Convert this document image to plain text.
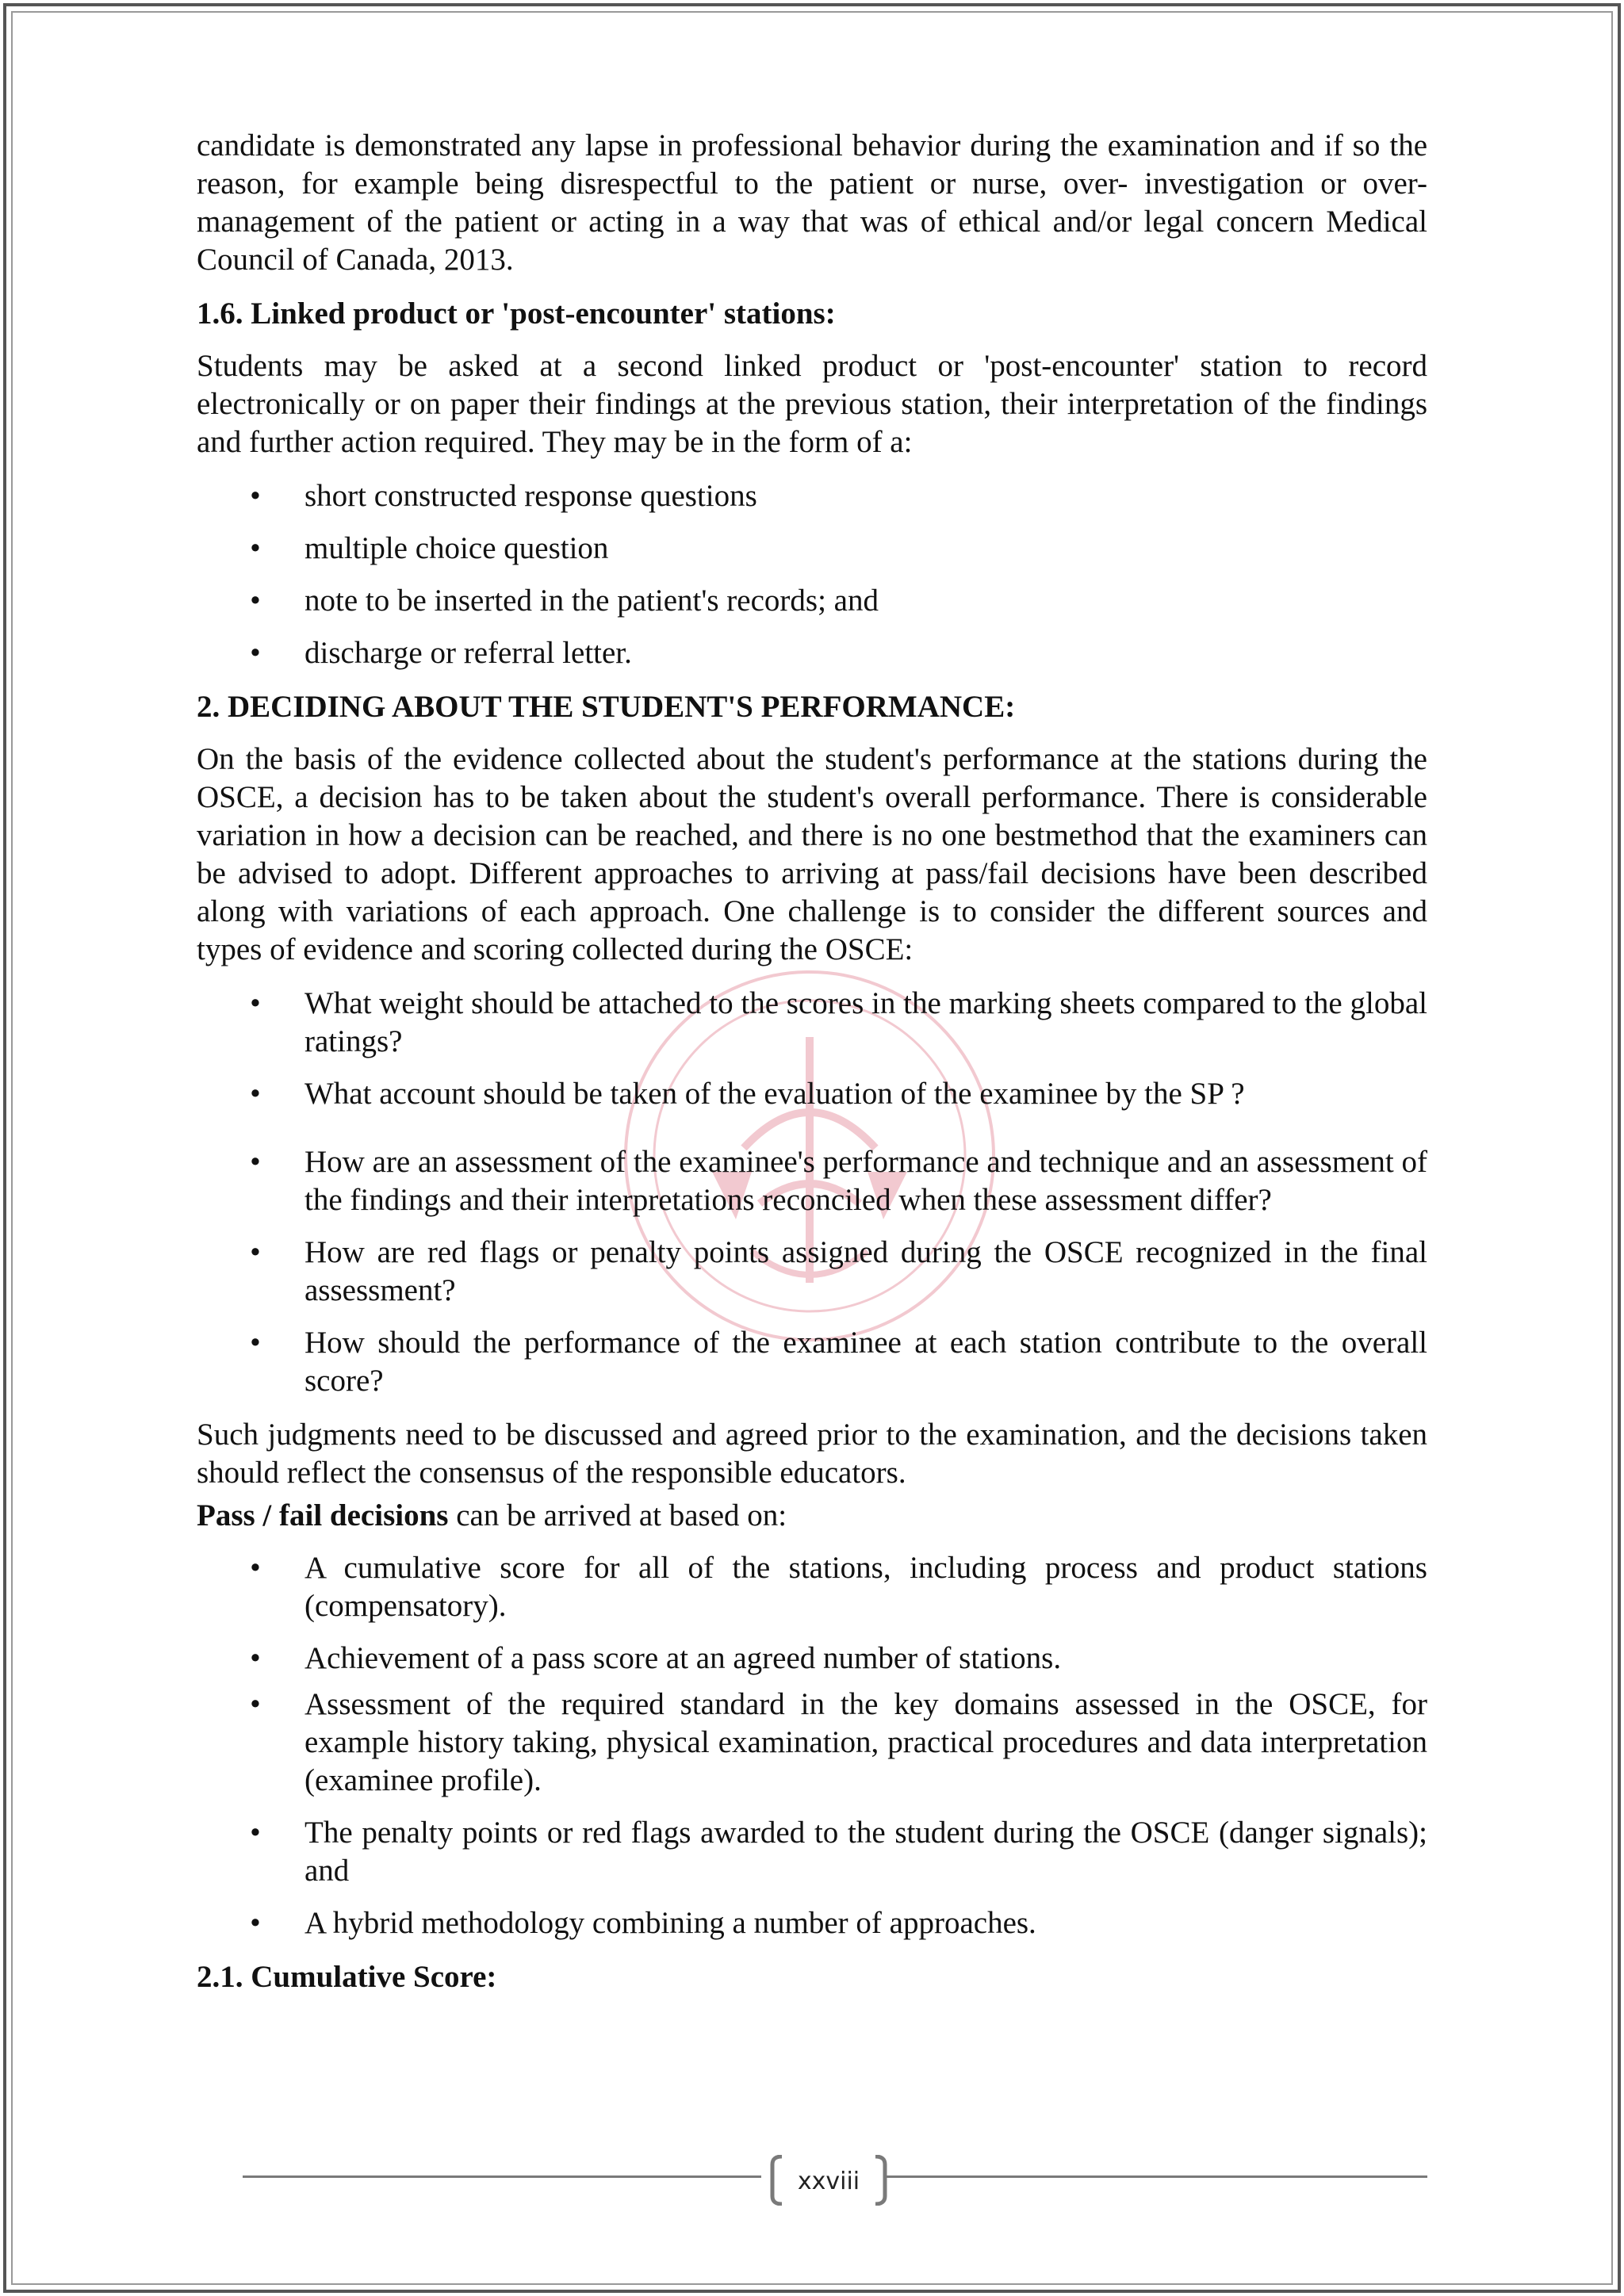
candidate is demonstrated any lapse in professional behavior during the examination and if so the reason, for example being disrespectful to the patient or nurse, over- investigation or over-management of the patient or acting in a way that was of ethical and/or legal concern Medical Council of Canada, 2013.

1.6. Linked product or 'post-encounter' stations:

Students may be asked at a second linked product or 'post-encounter' station to record electronically or on paper their findings at the previous station, their interpretation of the findings and further action required. They may be in the form of a:

• short constructed response questions
• multiple choice question
• note to be inserted in the patient's records; and
• discharge or referral letter.

2. DECIDING ABOUT THE STUDENT'S PERFORMANCE:

On the basis of the evidence collected about the student's performance at the stations during the OSCE, a decision has to be taken about the student's overall performance. There is considerable variation in how a decision can be reached, and there is no one bestmethod that the examiners can be advised to adopt. Different approaches to arriving at pass/fail decisions have been described along with variations of each approach. One challenge is to consider the different sources and types of evidence and scoring collected during the OSCE:

• What weight should be attached to the scores in the marking sheets compared to the global ratings?
• What account should be taken of the evaluation of the examinee by the SP ?
• How are an assessment of the examinee's performance and technique and an assessment of the findings and their interpretations reconciled when these assessment differ?
• How are red flags or penalty points assigned during the OSCE recognized in the final assessment?
• How should the performance of the examinee at each station contribute to the overall score?

Such judgments need to be discussed and agreed prior to the examination, and the decisions taken should reflect the consensus of the responsible educators.

Pass / fail decisions can be arrived at based on:

• A cumulative score for all of the stations, including process and product stations (compensatory).
• Achievement of a pass score at an agreed number of stations.
• Assessment of the required standard in the key domains assessed in the OSCE, for example history taking, physical examination, practical procedures and data interpretation (examinee profile).
• The penalty points or red flags awarded to the student during the OSCE (danger signals); and
• A hybrid methodology combining a number of approaches.

2.1. Cumulative Score:

xxviii
